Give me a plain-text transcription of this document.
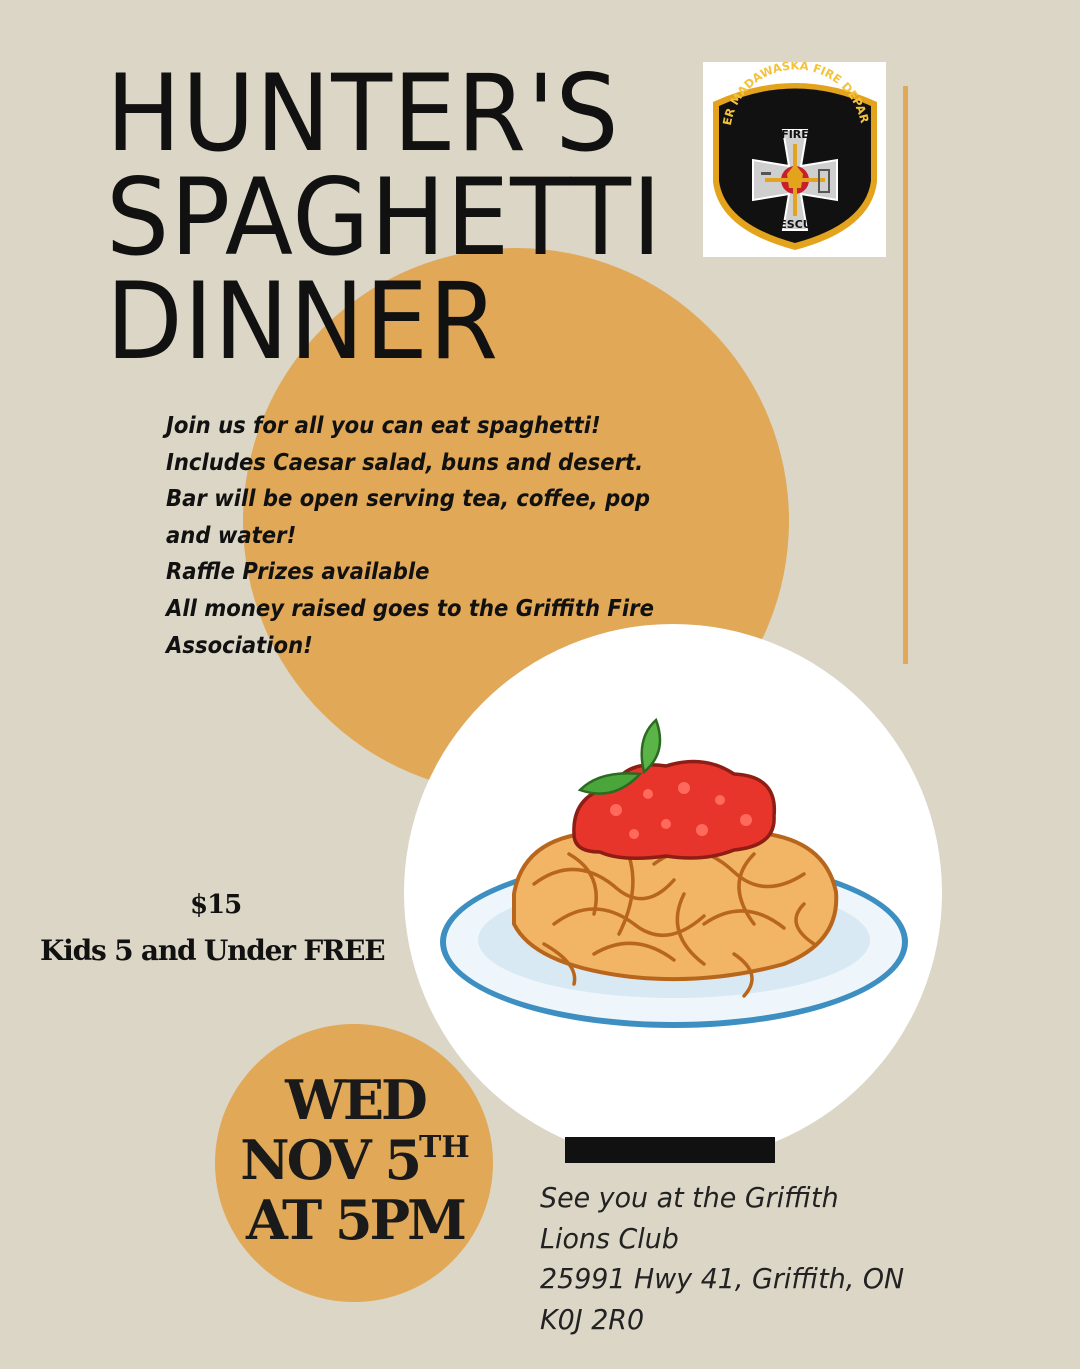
HUNTER'S
SPAGHETTI
DINNER
ER MADAWASKA FIRE DEPAR
FIRE
RESCUE
Join us for all you can eat spaghetti!
Includes Caesar salad, buns and desert.
Bar will be open serving tea, coffee, pop
and water!
Raffle Prizes available
All money raised goes to the Griffith Fire
Association!
$15
Kids 5 and Under FREE
WED
NOV 5TH
AT 5PM	See you at the Griffith
Lions Club
25991 Hwy 41, Griffith, ON
K0J 2R0
